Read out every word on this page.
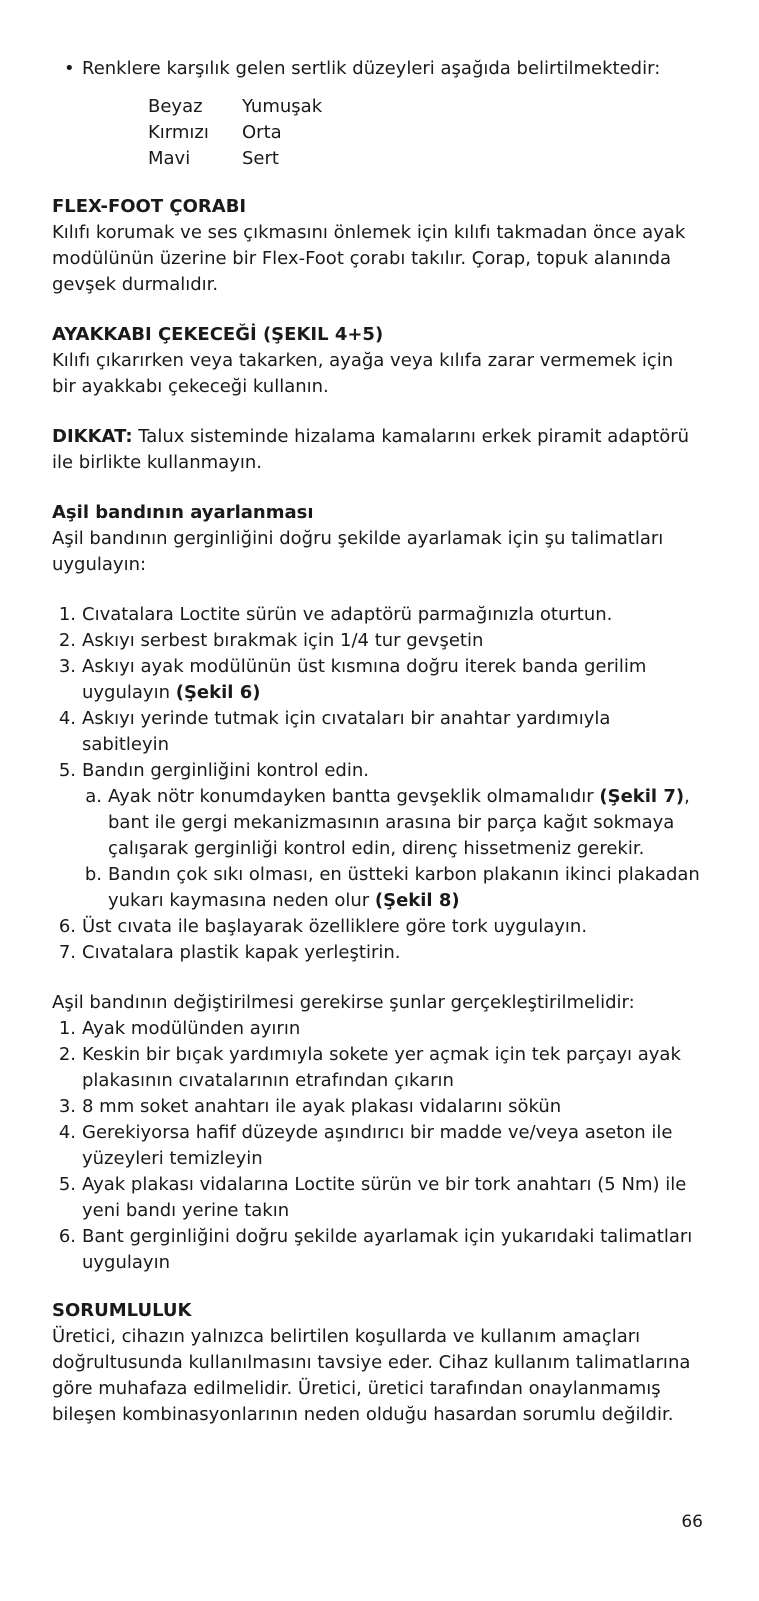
• Renklere karşılık gelen sertlik düzeyleri aşağıda belirtilmektedir:

Beyaz	Yumuşak
Kırmızı	Orta
Mavi	Sert
FLEX-FOOT ÇORABI

Kılıfı korumak ve ses çıkmasını önlemek için kılıfı takmadan önce ayak modülünün üzerine bir Flex-Foot çorabı takılır. Çorap, topuk alanında gevşek durmalıdır.

AYAKKABI ÇEKECEĞİ (ŞEKIL 4+5)

Kılıfı çıkarırken veya takarken, ayağa veya kılıfa zarar vermemek için bir ayakkabı çekeceği kullanın.

DIKKAT: Talux sisteminde hizalama kamalarını erkek piramit adaptörü ile birlikte kullanmayın.

Aşil bandının ayarlanması

Aşil bandının gerginliğini doğru şekilde ayarlamak için şu talimatları uygulayın:

1. Cıvatalara Loctite sürün ve adaptörü parmağınızla oturtun.
2. Askıyı serbest bırakmak için 1/4 tur gevşetin
3. Askıyı ayak modülünün üst kısmına doğru iterek banda gerilim uygulayın (Şekil 6)
4. Askıyı yerinde tutmak için cıvataları bir anahtar yardımıyla sabitleyin
5. Bandın gerginliğini kontrol edin.
a. Ayak nötr konumdayken bantta gevşeklik olmamalıdır (Şekil 7), bant ile gergi mekanizmasının arasına bir parça kağıt sokmaya çalışarak gerginliği kontrol edin, direnç hissetmeniz gerekir.
b. Bandın çok sıkı olması, en üstteki karbon plakanın ikinci plakadan yukarı kaymasına neden olur (Şekil 8)
6. Üst cıvata ile başlayarak özelliklere göre tork uygulayın.
7. Cıvatalara plastik kapak yerleştirin.

Aşil bandının değiştirilmesi gerekirse şunlar gerçekleştirilmelidir:

1. Ayak modülünden ayırın
2. Keskin bir bıçak yardımıyla sokete yer açmak için tek parçayı ayak plakasının cıvatalarının etrafından çıkarın
3. 8 mm soket anahtarı ile ayak plakası vidalarını sökün
4. Gerekiyorsa hafif düzeyde aşındırıcı bir madde ve/veya aseton ile yüzeyleri temizleyin
5. Ayak plakası vidalarına Loctite sürün ve bir tork anahtarı (5 Nm) ile yeni bandı yerine takın
6. Bant gerginliğini doğru şekilde ayarlamak için yukarıdaki talimatları uygulayın
SORUMLULUK

Üretici, cihazın yalnızca belirtilen koşullarda ve kullanım amaçları doğrultusunda kullanılmasını tavsiye eder. Cihaz kullanım talimatlarına göre muhafaza edilmelidir. Üretici, üretici tarafından onaylanmamış bileşen kombinasyonlarının neden olduğu hasardan sorumlu değildir.

66
